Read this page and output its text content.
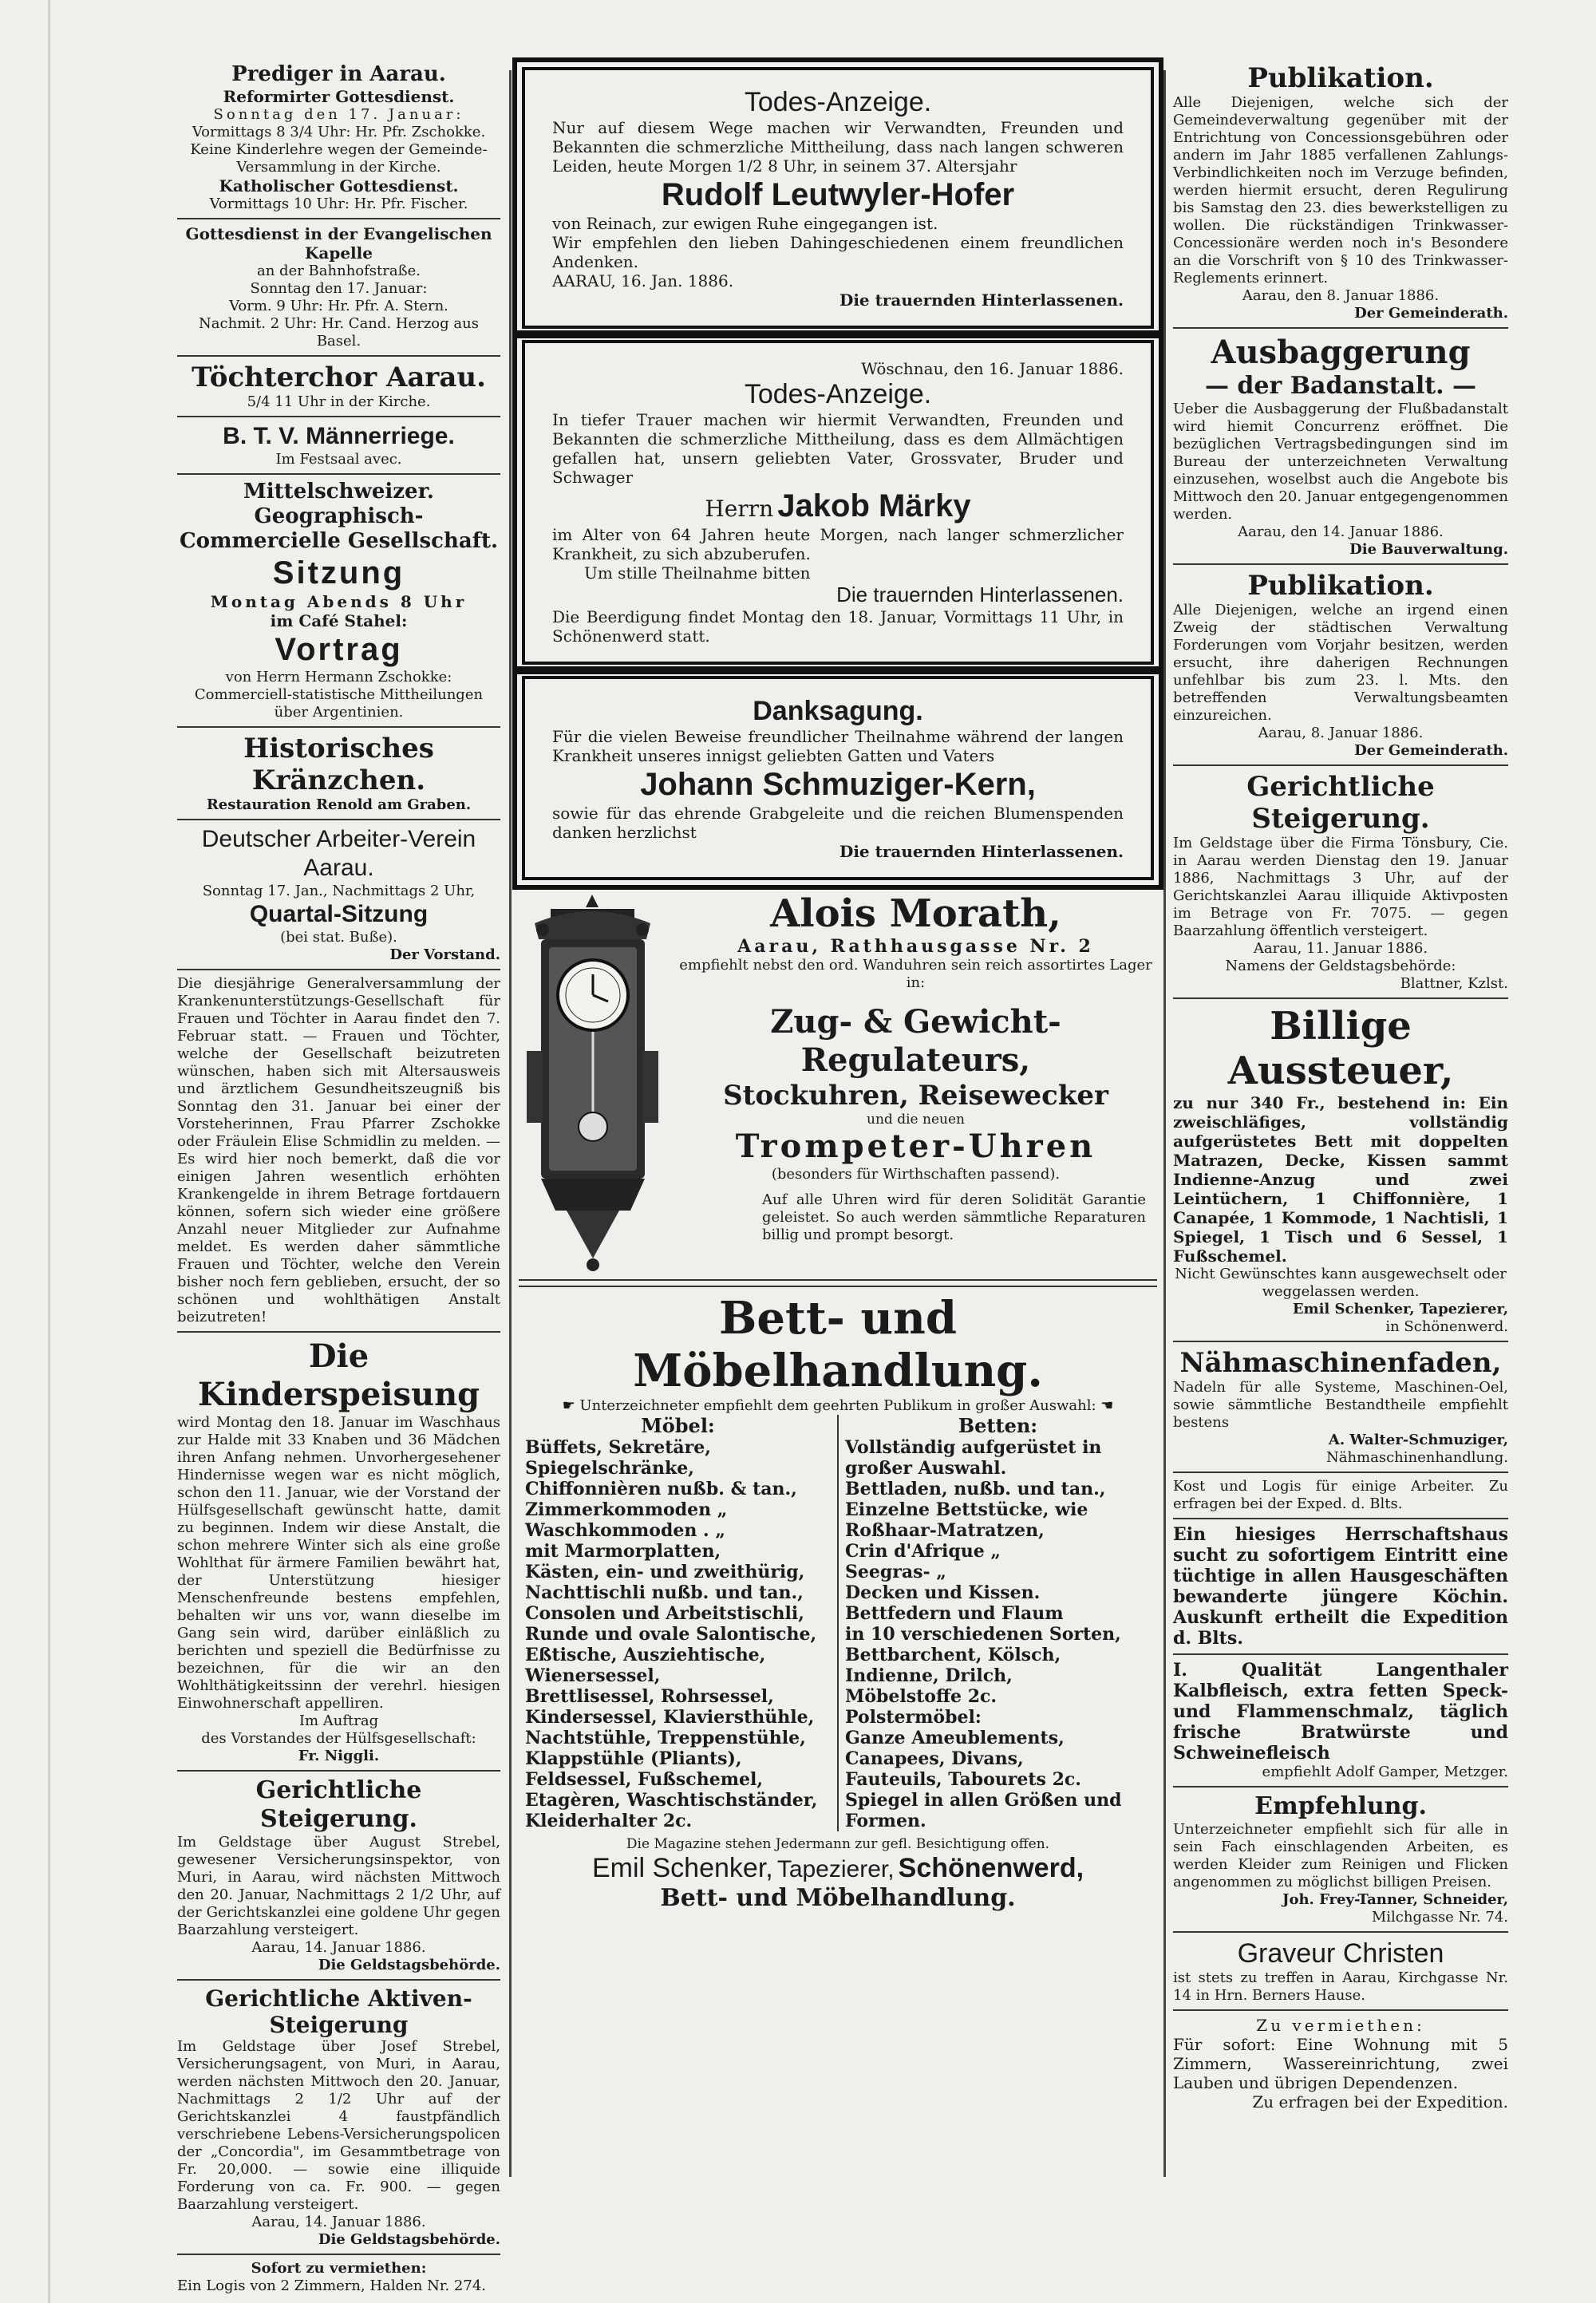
Prediger in Aarau.
Reformirter Gottesdienst.
Sonntag den 17. Januar:
Vormittags 8 3/4 Uhr: Hr. Pfr. Zschokke.
Keine Kinderlehre wegen der Gemeinde-Versammlung in der Kirche.
Katholischer Gottesdienst.
Vormittags 10 Uhr: Hr. Pfr. Fischer.
Gottesdienst in der Evangelischen Kapelle
an der Bahnhofstraße.
Sonntag den 17. Januar:
Vorm. 9 Uhr: Hr. Pfr. A. Stern.
Nachmit. 2 Uhr: Hr. Cand. Herzog aus Basel.
Töchterchor Aarau.
5/4 11 Uhr in der Kirche.
B. T. V. Männerriege.
Im Festsaal avec.
Mittelschweizer. Geographisch-Commercielle Gesellschaft.
Sitzung
Montag Abends 8 Uhr
im Café Stahel:
Vortrag
von Herrn Hermann Zschokke:
Commerciell-statistische Mittheilungen über Argentinien.
Historisches Kränzchen.
Restauration Renold am Graben.
Deutscher Arbeiter-Verein Aarau.
Sonntag 17. Jan., Nachmittags 2 Uhr,
Quartal-Sitzung
(bei stat. Buße).
Der Vorstand.
Die diesjährige Generalversammlung der Krankenunterstützungs-Gesellschaft für Frauen und Töchter in Aarau findet den 7. Februar statt. — Frauen und Töchter, welche der Gesellschaft beizutreten wünschen, haben sich mit Altersausweis und ärztlichem Gesundheitszeugniß bis Sonntag den 31. Januar bei einer der Vorsteherinnen, Frau Pfarrer Zschokke oder Fräulein Elise Schmidlin zu melden. — Es wird hier noch bemerkt, daß die vor einigen Jahren wesentlich erhöhten Krankengelde in ihrem Betrage fortdauern können, sofern sich wieder eine größere Anzahl neuer Mitglieder zur Aufnahme meldet. Es werden daher sämmtliche Frauen und Töchter, welche den Verein bisher noch fern geblieben, ersucht, der so schönen und wohlthätigen Anstalt beizutreten!
Die Kinderspeisung
wird Montag den 18. Januar im Waschhaus zur Halde mit 33 Knaben und 36 Mädchen ihren Anfang nehmen. Unvorhergesehener Hindernisse wegen war es nicht möglich, schon den 11. Januar, wie der Vorstand der Hülfsgesellschaft gewünscht hatte, damit zu beginnen. Indem wir diese Anstalt, die schon mehrere Winter sich als eine große Wohlthat für ärmere Familien bewährt hat, der Unterstützung hiesiger Menschenfreunde bestens empfehlen, behalten wir uns vor, wann dieselbe im Gang sein wird, darüber einläßlich zu berichten und speziell die Bedürfnisse zu bezeichnen, für die wir an den Wohlthätigkeitssinn der verehrl. hiesigen Einwohnerschaft appelliren.
Im Auftrag
des Vorstandes der Hülfsgesellschaft:
Fr. Niggli.
Gerichtliche Steigerung.
Im Geldstage über August Strebel, gewesener Versicherungsinspektor, von Muri, in Aarau, wird nächsten Mittwoch den 20. Januar, Nachmittags 2 1/2 Uhr, auf der Gerichtskanzlei eine goldene Uhr gegen Baarzahlung versteigert.
Aarau, 14. Januar 1886.
Die Geldstagsbehörde.
Gerichtliche Aktiven-Steigerung
Im Geldstage über Josef Strebel, Versicherungsagent, von Muri, in Aarau, werden nächsten Mittwoch den 20. Januar, Nachmittags 2 1/2 Uhr auf der Gerichtskanzlei 4 faustpfändlich verschriebene Lebens-Versicherungspolicen der „Concordia", im Gesammtbetrage von Fr. 20,000. — sowie eine illiquide Forderung von ca. Fr. 900. — gegen Baarzahlung versteigert.
Aarau, 14. Januar 1886.
Die Geldstagsbehörde.
Sofort zu vermiethen:
Ein Logis von 2 Zimmern, Halden Nr. 274.
Todes-Anzeige.
Nur auf diesem Wege machen wir Verwandten, Freunden und Bekannten die schmerzliche Mittheilung, dass nach langen schweren Leiden, heute Morgen 1/2 8 Uhr, in seinem 37. Altersjahr
Rudolf Leutwyler-Hofer
von Reinach, zur ewigen Ruhe eingegangen ist.
Wir empfehlen den lieben Dahingeschiedenen einem freundlichen Andenken.
AARAU, 16. Jan. 1886.
Die trauernden Hinterlassenen.
Wöschnau, den 16. Januar 1886.
Todes-Anzeige.
In tiefer Trauer machen wir hiermit Verwandten, Freunden und Bekannten die schmerzliche Mittheilung, dass es dem Allmächtigen gefallen hat, unsern geliebten Vater, Grossvater, Bruder und Schwager
Herrn Jakob Märky
im Alter von 64 Jahren heute Morgen, nach langer schmerzlicher Krankheit, zu sich abzuberufen.
Um stille Theilnahme bitten
Die trauernden Hinterlassenen.
Die Beerdigung findet Montag den 18. Januar, Vormittags 11 Uhr, in Schönenwerd statt.
Danksagung.
Für die vielen Beweise freundlicher Theilnahme während der langen Krankheit unseres innigst geliebten Gatten und Vaters
Johann Schmuziger-Kern,
sowie für das ehrende Grabgeleite und die reichen Blumenspenden danken herzlichst
Die trauernden Hinterlassenen.
Alois Morath,
Aarau, Rathhausgasse Nr. 2
empfiehlt nebst den ord. Wanduhren sein reich assortirtes Lager in:
Zug- & Gewicht-Regulateurs,
Stockuhren, Reisewecker
und die neuen
Trompeter-Uhren
(besonders für Wirthschaften passend).
Auf alle Uhren wird für deren Solidität Garantie geleistet. So auch werden sämmtliche Reparaturen billig und prompt besorgt.
Bett- und Möbelhandlung.
☛ Unterzeichneter empfiehlt dem geehrten Publikum in großer Auswahl: ☚
Möbel:
Büffets, Sekretäre,
Spiegelschränke,
Chiffonnièren nußb. & tan.,
Zimmerkommoden „
Waschkommoden . „
mit Marmorplatten,
Kästen, ein- und zweithürig,
Nachttischli nußb. und tan.,
Consolen und Arbeitstischli,
Runde und ovale Salontische,
Eßtische, Ausziehtische,
Wienersessel,
Brettlisessel, Rohrsessel,
Kindersessel, Klaviersthühle,
Nachtstühle, Treppenstühle,
Klappstühle (Pliants),
Feldsessel, Fußschemel,
Etagèren, Waschtischständer,
Kleiderhalter 2c.
Betten:
Vollständig aufgerüstet in großer Auswahl.
Bettladen, nußb. und tan.,
Einzelne Bettstücke, wie
Roßhaar-Matratzen,
Crin d'Afrique „
Seegras- „
Decken und Kissen.
Bettfedern und Flaum
in 10 verschiedenen Sorten,
Bettbarchent, Kölsch,
Indienne, Drilch,
Möbelstoffe 2c.
Polstermöbel:
Ganze Ameublements,
Canapees, Divans,
Fauteuils, Tabourets 2c.
Spiegel in allen Größen und Formen.
Die Magazine stehen Jedermann zur gefl. Besichtigung offen.
Emil Schenker, Tapezierer, Schönenwerd,
Bett- und Möbelhandlung.
Publikation.
Alle Diejenigen, welche sich der Gemeindeverwaltung gegenüber mit der Entrichtung von Concessionsgebühren oder andern im Jahr 1885 verfallenen Zahlungs-Verbindlichkeiten noch im Verzuge befinden, werden hiermit ersucht, deren Regulirung bis Samstag den 23. dies bewerkstelligen zu wollen. Die rückständigen Trinkwasser-Concessionäre werden noch in's Besondere an die Vorschrift von § 10 des Trinkwasser-Reglements erinnert.
Aarau, den 8. Januar 1886.
Der Gemeinderath.
Ausbaggerung
— der Badanstalt. —
Ueber die Ausbaggerung der Flußbadanstalt wird hiemit Concurrenz eröffnet. Die bezüglichen Vertragsbedingungen sind im Bureau der unterzeichneten Verwaltung einzusehen, woselbst auch die Angebote bis Mittwoch den 20. Januar entgegengenommen werden.
Aarau, den 14. Januar 1886.
Die Bauverwaltung.
Publikation.
Alle Diejenigen, welche an irgend einen Zweig der städtischen Verwaltung Forderungen vom Vorjahr besitzen, werden ersucht, ihre daherigen Rechnungen unfehlbar bis zum 23. l. Mts. den betreffenden Verwaltungsbeamten einzureichen.
Aarau, 8. Januar 1886.
Der Gemeinderath.
Gerichtliche Steigerung.
Im Geldstage über die Firma Tönsbury, Cie. in Aarau werden Dienstag den 19. Januar 1886, Nachmittags 3 Uhr, auf der Gerichtskanzlei Aarau illiquide Aktivposten im Betrage von Fr. 7075. — gegen Baarzahlung öffentlich versteigert.
Aarau, 11. Januar 1886.
Namens der Geldstagsbehörde:
Blattner, Kzlst.
Billige Aussteuer,
zu nur 340 Fr., bestehend in: Ein zweischläfiges, vollständig aufgerüstetes Bett mit doppelten Matrazen, Decke, Kissen sammt Indienne-Anzug und zwei Leintüchern, 1 Chiffonnière, 1 Canapée, 1 Kommode, 1 Nachtisli, 1 Spiegel, 1 Tisch und 6 Sessel, 1 Fußschemel.
Nicht Gewünschtes kann ausgewechselt oder weggelassen werden.
Emil Schenker, Tapezierer,
in Schönenwerd.
Nähmaschinenfaden,
Nadeln für alle Systeme, Maschinen-Oel, sowie sämmtliche Bestandtheile empfiehlt bestens
A. Walter-Schmuziger,
Nähmaschinenhandlung.
Kost und Logis für einige Arbeiter. Zu erfragen bei der Exped. d. Blts.
Ein hiesiges Herrschaftshaus sucht zu sofortigem Eintritt eine tüchtige in allen Hausgeschäften bewanderte jüngere Köchin. Auskunft ertheilt die Expedition d. Blts.
I. Qualität Langenthaler Kalbfleisch, extra fetten Speck- und Flammenschmalz, täglich frische Bratwürste und Schweinefleisch
empfiehlt Adolf Gamper, Metzger.
Empfehlung.
Unterzeichneter empfiehlt sich für alle in sein Fach einschlagenden Arbeiten, es werden Kleider zum Reinigen und Flicken angenommen zu möglichst billigen Preisen.
Joh. Frey-Tanner, Schneider,
Milchgasse Nr. 74.
Graveur Christen
ist stets zu treffen in Aarau, Kirchgasse Nr. 14 in Hrn. Berners Hause.
Zu vermiethen:
Für sofort: Eine Wohnung mit 5 Zimmern, Wassereinrichtung, zwei Lauben und übrigen Dependenzen.
Zu erfragen bei der Expedition.
